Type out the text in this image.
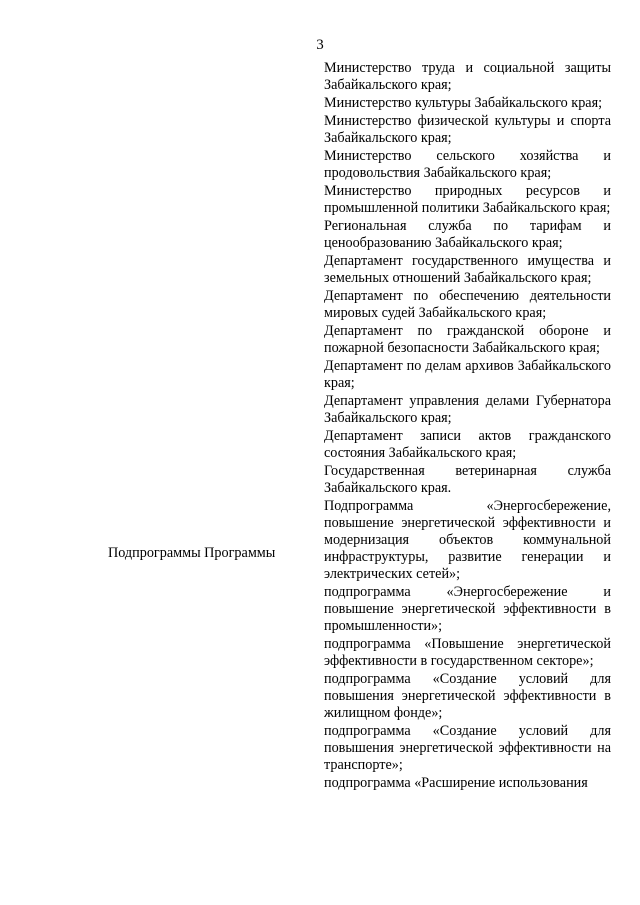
3
Министерство труда и социальной защиты Забайкальского края;
Министерство культуры Забайкальского края;
Министерство физической культуры и спорта Забайкальского края;
Министерство сельского хозяйства и продовольствия Забайкальского края;
Министерство природных ресурсов и промышленной политики Забайкальского края;
Региональная служба по тарифам и ценообразованию Забайкальского края;
Департамент государственного имущества и земельных отношений Забайкальского края;
Департамент по обеспечению деятельности мировых судей Забайкальского края;
Департамент по гражданской обороне и пожарной безопасности Забайкальского края;
Департамент по делам архивов Забайкальского края;
Департамент управления делами Губернатора Забайкальского края;
Департамент записи актов гражданского состояния Забайкальского края;
Государственная ветеринарная служба Забайкальского края.
Подпрограмма «Энергосбережение, повышение энергетической эффективности и модернизация объектов коммунальной инфраструктуры, развитие генерации и электрических сетей»;
подпрограмма «Энергосбережение и повышение энергетической эффективности в промышленности»;
подпрограмма «Повышение энергетической эффективности в государственном секторе»;
подпрограмма «Создание условий для повышения энергетической эффективности в жилищном фонде»;
подпрограмма «Создание условий для повышения энергетической эффективности на транспорте»;
подпрограмма «Расширение использования
Подпрограммы Программы
